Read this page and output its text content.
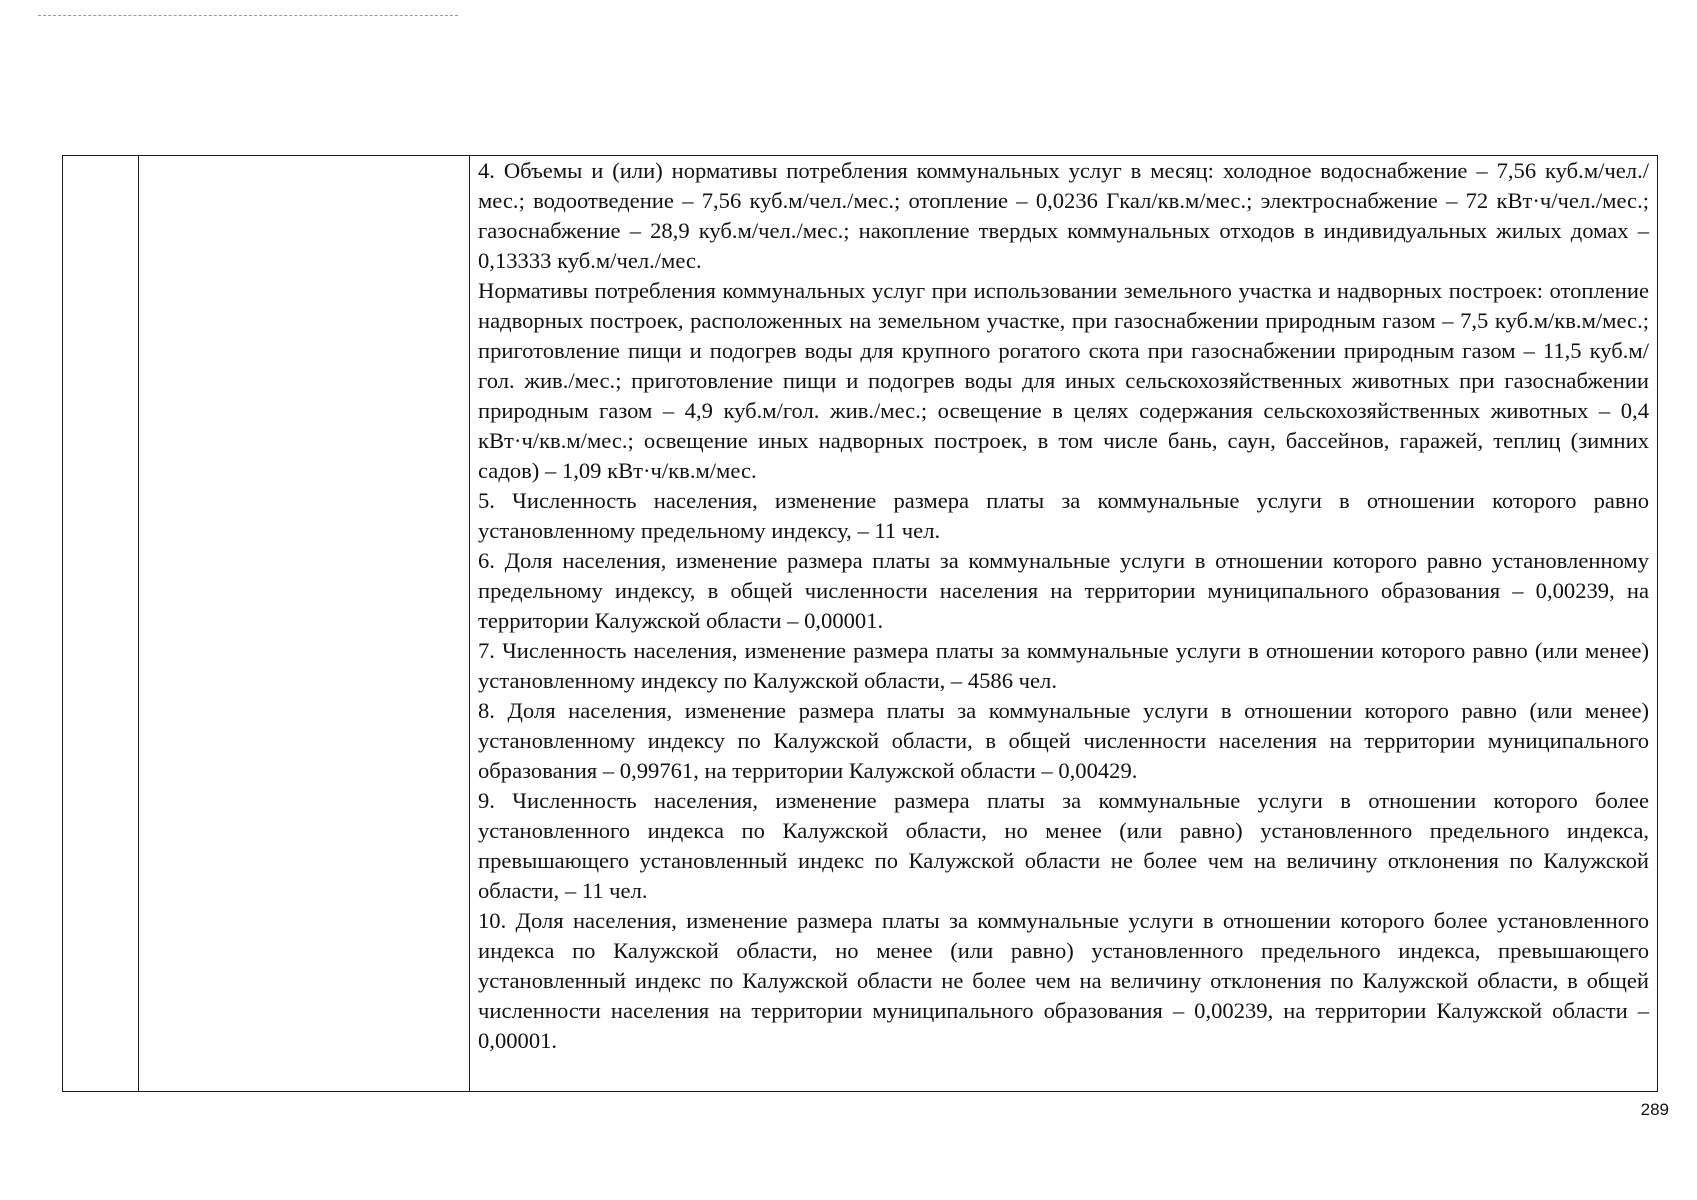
4. Объемы и (или) нормативы потребления коммунальных услуг в месяц: холодное водоснабжение – 7,56 куб.м/чел./мес.; водоотведение – 7,56 куб.м/чел./мес.; отопление – 0,0236 Гкал/кв.м/мес.; электроснабжение – 72 кВт·ч/чел./мес.; газоснабжение – 28,9 куб.м/чел./мес.; накопление твердых коммунальных отходов в индивидуальных жилых домах – 0,13333 куб.м/чел./мес.

Нормативы потребления коммунальных услуг при использовании земельного участка и надворных построек: отопление надворных построек, расположенных на земельном участке, при газоснабжении природным газом – 7,5 куб.м/кв.м/мес.; приготовление пищи и подогрев воды для крупного рогатого скота при газоснабжении природным газом – 11,5 куб.м/гол. жив./мес.; приготовление пищи и подогрев воды для иных сельскохозяйственных животных при газоснабжении природным газом – 4,9 куб.м/гол. жив./мес.; освещение в целях содержания сельскохозяйственных животных – 0,4 кВт·ч/кв.м/мес.; освещение иных надворных построек, в том числе бань, саун, бассейнов, гаражей, теплиц (зимних садов) – 1,09 кВт·ч/кв.м/мес.

5. Численность населения, изменение размера платы за коммунальные услуги в отношении которого равно установленному предельному индексу, – 11 чел.

6. Доля населения, изменение размера платы за коммунальные услуги в отношении которого равно установленному предельному индексу, в общей численности населения на территории муниципального образования – 0,00239, на территории Калужской области – 0,00001.

7. Численность населения, изменение размера платы за коммунальные услуги в отношении которого равно (или менее) установленному индексу по Калужской области, – 4586 чел.

8. Доля населения, изменение размера платы за коммунальные услуги в отношении которого равно (или менее) установленному индексу по Калужской области, в общей численности населения на территории муниципального образования – 0,99761, на территории Калужской области – 0,00429.

9. Численность населения, изменение размера платы за коммунальные услуги в отношении которого более установленного индекса по Калужской области, но менее (или равно) установленного предельного индекса, превышающего установленный индекс по Калужской области не более чем на величину отклонения по Калужской области, – 11 чел.

10. Доля населения, изменение размера платы за коммунальные услуги в отношении которого более установленного индекса по Калужской области, но менее (или равно) установленного предельного индекса, превышающего установленный индекс по Калужской области не более чем на величину отклонения по Калужской области, в общей численности населения на территории муниципального образования – 0,00239, на территории Калужской области – 0,00001.

289
